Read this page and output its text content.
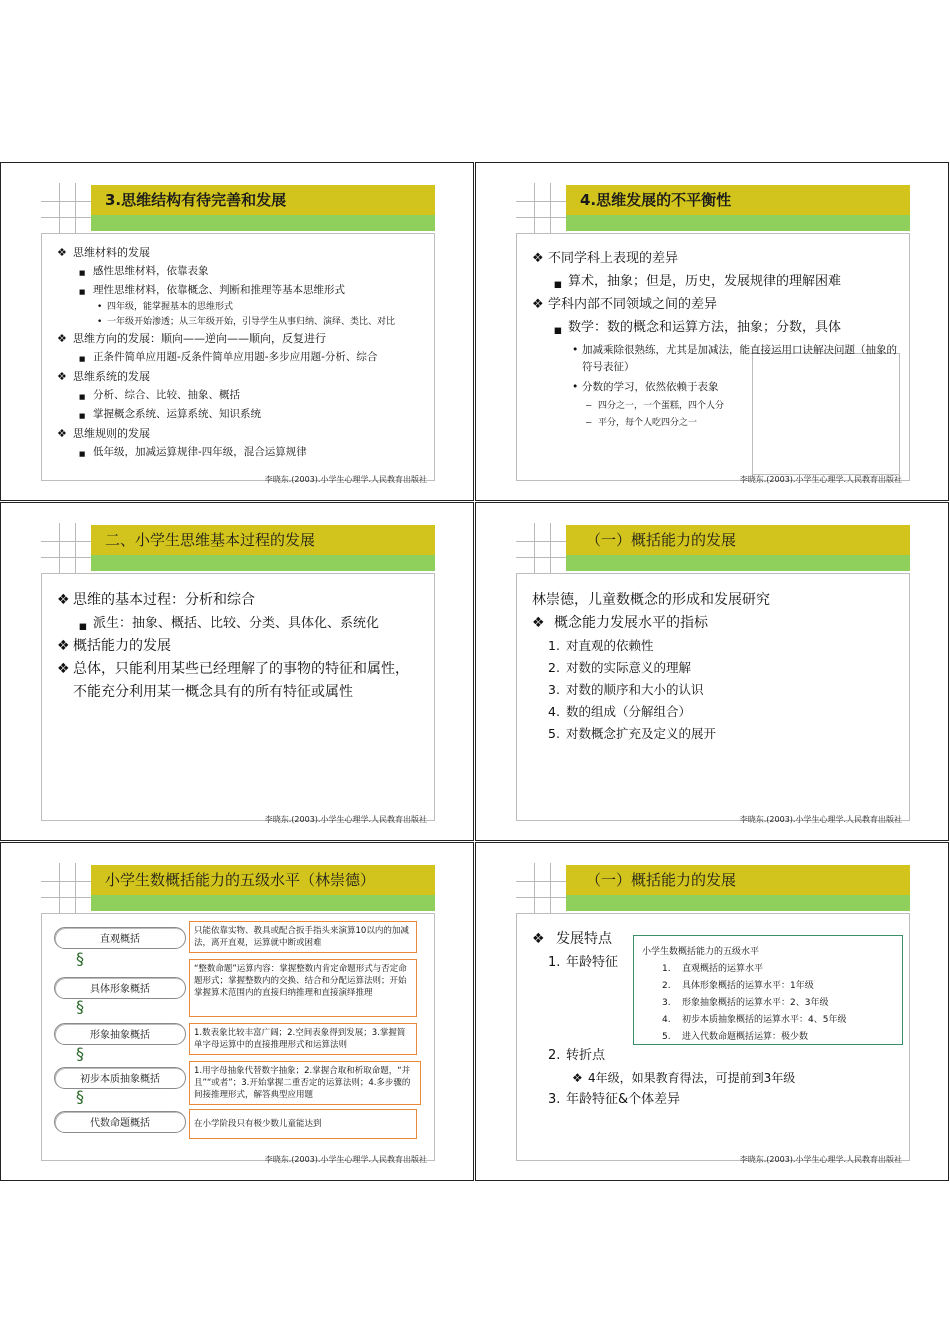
3.思维结构有待完善和发展
❖ 思维材料的发展
■ 感性思维材料，依靠表象
■ 理性思维材料，依靠概念、判断和推理等基本思维形式
• 四年级，能掌握基本的思维形式
• 一年级开始渗透；从三年级开始，引导学生从事归纳、演绎、类比、对比
❖ 思维方向的发展：顺向——逆向——顺向，反复进行
■ 正条件简单应用题-反条件简单应用题-多步应用题-分析、综合
❖ 思维系统的发展
■ 分析、综合、比较、抽象、概括
■ 掌握概念系统、运算系统、知识系统
❖ 思维规则的发展
■ 低年级，加减运算规律-四年级，混合运算规律
李晓东.(2003).小学生心理学.人民教育出版社
4.思维发展的不平衡性
❖ 不同学科上表现的差异
■ 算术，抽象；但是，历史，发展规律的理解困难
❖ 学科内部不同领域之间的差异
■ 数学：数的概念和运算方法，抽象；分数，具体
• 加减乘除很熟练，尤其是加减法，能直接运用口诀解决问题（抽象的符号表征）
• 分数的学习，依然依赖于表象
– 四分之一，一个蛋糕，四个人分
– 平分，每个人吃四分之一
李晓东.(2003).小学生心理学.人民教育出版社
二、小学生思维基本过程的发展
❖ 思维的基本过程：分析和综合
■ 派生：抽象、概括、比较、分类、具体化、系统化
❖ 概括能力的发展
❖ 总体，只能利用某些已经理解了的事物的特征和属性，不能充分利用某一概念具有的所有特征或属性
李晓东.(2003).小学生心理学.人民教育出版社
（一）概括能力的发展
林崇德，儿童数概念的形成和发展研究
❖ 概念能力发展水平的指标
1. 对直观的依赖性
2. 对数的实际意义的理解
3. 对数的顺序和大小的认识
4. 数的组成（分解组合）
5. 对数概念扩充及定义的展开
李晓东.(2003).小学生心理学.人民教育出版社
小学生数概括能力的五级水平（林崇德）
直观概括
只能依靠实物、教具或配合扳手指头来演算10以内的加减法，离开直观，运算就中断或困难
§
具体形象概括
“整数命题”运算内容：掌握整数内肯定命题形式与否定命题形式；掌握整数内的交换、结合和分配运算法则；开始掌握算术范围内的直接归纳推理和直接演绎推理
§
形象抽象概括	1.数表象比较丰富广阔；2.空间表象得到发展；3.掌握简单字母运算中的直接推理形式和运算法则
§
初步本质抽象概括
1.用字母抽象代替数字抽象；2.掌握合取和析取命题，“并且”“或者”；3.开始掌握二重否定的运算法则；4.多步骤的间接推理形式，解答典型应用题
§
代数命题概括	在小学阶段只有极少数儿童能达到
李晓东.(2003).小学生心理学.人民教育出版社
（一）概括能力的发展
❖ 发展特点
1. 年龄特征
小学生数概括能力的五级水平
1. 直观概括的运算水平
2. 具体形象概括的运算水平：1年级
3. 形象抽象概括的运算水平：2、3年级
4. 初步本质抽象概括的运算水平：4、5年级
5. 进入代数命题概括运算：极少数
2. 转折点
❖ 4年级，如果教育得法，可提前到3年级
3. 年龄特征&个体差异
李晓东.(2003).小学生心理学.人民教育出版社
